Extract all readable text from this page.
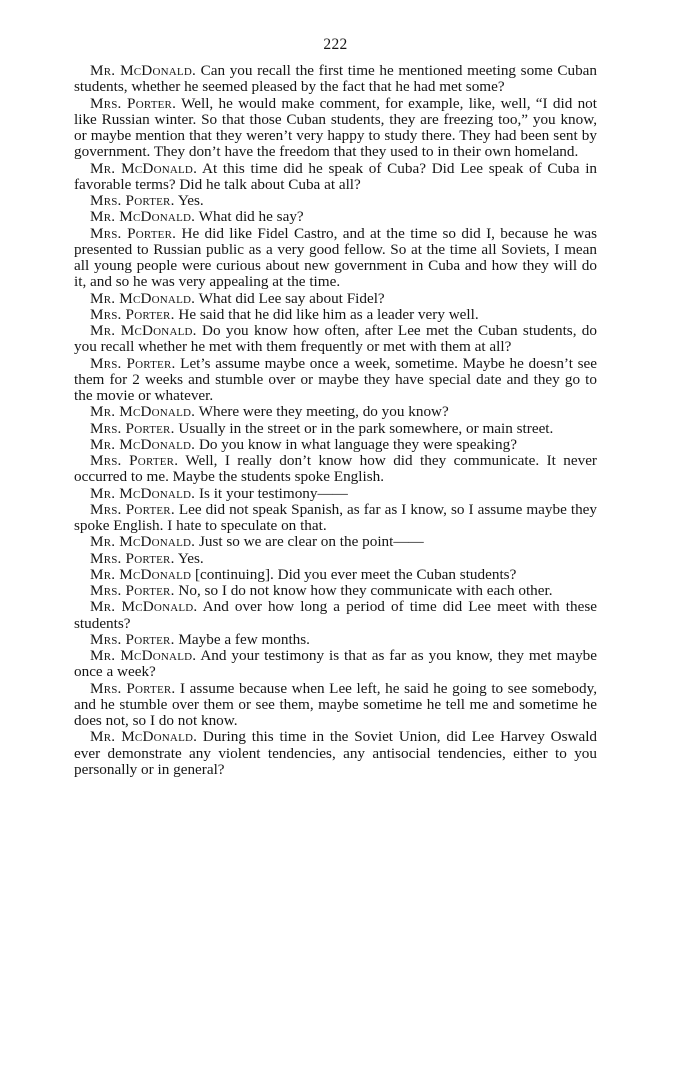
222

Mr. McDonald. Can you recall the first time he mentioned meeting some Cuban students, whether he seemed pleased by the fact that he had met some?

Mrs. Porter. Well, he would make comment, for example, like, well, “I did not like Russian winter. So that those Cuban students, they are freezing too,” you know, or maybe mention that they weren’t very happy to study there. They had been sent by government. They don’t have the freedom that they used to in their own homeland.

Mr. McDonald. At this time did he speak of Cuba? Did Lee speak of Cuba in favorable terms? Did he talk about Cuba at all?

Mrs. Porter. Yes.

Mr. McDonald. What did he say?

Mrs. Porter. He did like Fidel Castro, and at the time so did I, because he was presented to Russian public as a very good fellow. So at the time all Soviets, I mean all young people were curious about new government in Cuba and how they will do it, and so he was very appealing at the time.

Mr. McDonald. What did Lee say about Fidel?

Mrs. Porter. He said that he did like him as a leader very well.

Mr. McDonald. Do you know how often, after Lee met the Cuban students, do you recall whether he met with them frequently or met with them at all?

Mrs. Porter. Let’s assume maybe once a week, sometime. Maybe he doesn’t see them for 2 weeks and stumble over or maybe they have special date and they go to the movie or whatever.

Mr. McDonald. Where were they meeting, do you know?

Mrs. Porter. Usually in the street or in the park somewhere, or main street.

Mr. McDonald. Do you know in what language they were speaking?

Mrs. Porter. Well, I really don’t know how did they communicate. It never occurred to me. Maybe the students spoke English.

Mr. McDonald. Is it your testimony——

Mrs. Porter. Lee did not speak Spanish, as far as I know, so I assume maybe they spoke English. I hate to speculate on that.

Mr. McDonald. Just so we are clear on the point——

Mrs. Porter. Yes.

Mr. McDonald [continuing]. Did you ever meet the Cuban students?

Mrs. Porter. No, so I do not know how they communicate with each other.

Mr. McDonald. And over how long a period of time did Lee meet with these students?

Mrs. Porter. Maybe a few months.

Mr. McDonald. And your testimony is that as far as you know, they met maybe once a week?

Mrs. Porter. I assume because when Lee left, he said he going to see somebody, and he stumble over them or see them, maybe sometime he tell me and sometime he does not, so I do not know.

Mr. McDonald. During this time in the Soviet Union, did Lee Harvey Oswald ever demonstrate any violent tendencies, any antisocial tendencies, either to you personally or in general?
